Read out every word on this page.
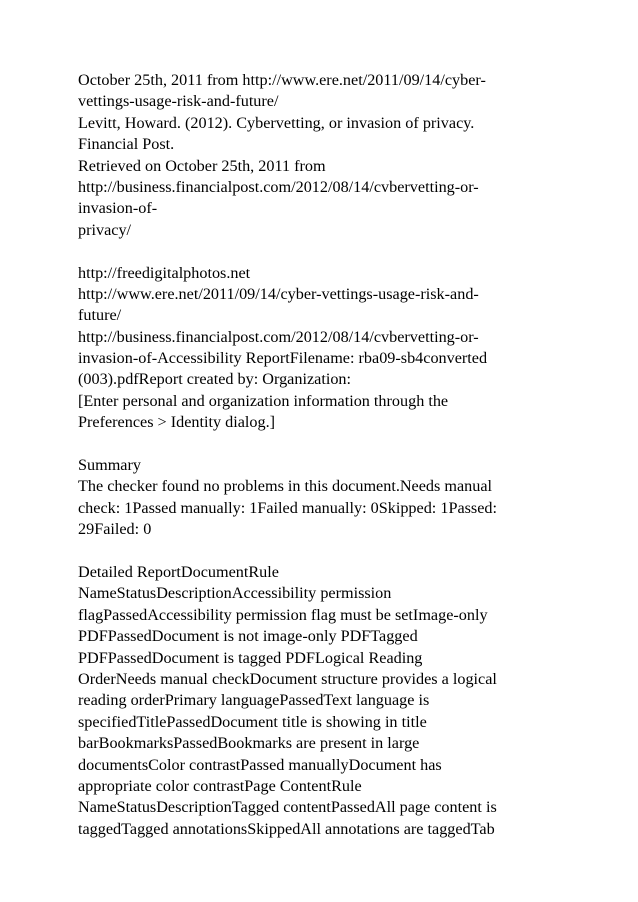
October 25th, 2011 from http://www.ere.net/2011/09/14/cyber-
vettings-usage-risk-and-future/
Levitt, Howard. (2012). Cybervetting, or invasion of privacy.
Financial Post.
Retrieved on October 25th, 2011 from
http://business.financialpost.com/2012/08/14/cvbervetting-or-
invasion-of-
privacy/
http://freedigitalphotos.net
http://www.ere.net/2011/09/14/cyber-vettings-usage-risk-and-
future/
http://business.financialpost.com/2012/08/14/cvbervetting-or-
invasion-of-Accessibility ReportFilename: rba09-sb4converted
(003).pdfReport created by: Organization:
[Enter personal and organization information through the
Preferences > Identity dialog.]
Summary
The checker found no problems in this document.Needs manual
check: 1Passed manually: 1Failed manually: 0Skipped: 1Passed:
29Failed: 0
Detailed ReportDocumentRule
NameStatusDescriptionAccessibility permission
flagPassedAccessibility permission flag must be setImage-only
PDFPassedDocument is not image-only PDFTagged
PDFPassedDocument is tagged PDFLogical Reading
OrderNeeds manual checkDocument structure provides a logical
reading orderPrimary languagePassedText language is
specifiedTitlePassedDocument title is showing in title
barBookmarksPassedBookmarks are present in large
documentsColor contrastPassed manuallyDocument has
appropriate color contrastPage ContentRule
NameStatusDescriptionTagged contentPassedAll page content is
taggedTagged annotationsSkippedAll annotations are taggedTab
